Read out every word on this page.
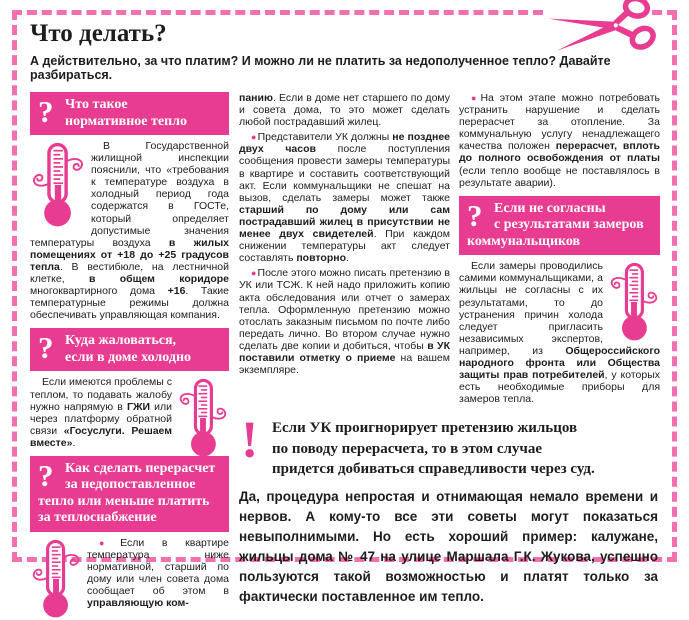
Что делать?

А действительно, за что платим? И можно ли не платить за недополученное тепло? Давайте разбираться.

? Что такое
нормативное тепло

В Государственной жилищной инспекции пояснили, что «требования к температуре воздуха в холодный период года содержатся в ГОСТе, который определяет допустимые значения температуры воздуха в жилых помещениях от +18 до +25 градусов тепла. В вестибюле, на лестничной клетке, в общем коридоре многоквартирного дома +16. Такие температурные режимы должна обеспечивать управляющая компания.

? Куда жаловаться,
если в доме холодно

Если имеются проблемы с теплом, то подавать жалобу нужно напрямую в ГЖИ или через платформу обратной связи «Госуслуги. Решаем вместе».

? Как сделать перерасчет
за недопоставленное
тепло или меньше платить
за теплоснабжение

●Если в квартире температура ниже нормативной, старший по дому или член совета дома сообщает об этом в управляющую ком-

панию. Если в доме нет старшего по дому и совета дома, то это может сделать любой пострадавший жилец.

●Представители УК должны не позднее двух часов после поступления сообщения провести замеры температуры в квартире и составить соответствующий акт. Если коммунальщики не спешат на вызов, сделать замеры может также старший по дому или сам пострадавший жилец в присутствии не менее двух свидетелей. При каждом снижении температуры акт следует составлять повторно.

●После этого можно писать претензию в УК или ТСЖ. К ней надо приложить копию акта обследования или отчет о замерах тепла. Оформленную претензию можно отослать заказным письмом по почте либо передать лично. Во втором случае нужно сделать две копии и добиться, чтобы в УК поставили отметку о приеме на вашем экземпляре.

●На этом этапе можно потребовать устранить нарушение и сделать перерасчет за отопление. За коммунальную услугу ненадлежащего качества положен перерасчет, вплоть до полного освобождения от платы (если тепло вообще не поставлялось в результате аварии).

? Если не согласны
с результатами замеров
коммунальщиков

Если замеры проводились самими коммунальщиками, а жильцы не согласны с их результатами, то до устранения причин холода следует пригласить независимых экспертов, например, из Общероссийского народного фронта или Общества защиты прав потребителей, у которых есть необходимые приборы для замеров тепла.

! Если УК проигнорирует претензию жильцов
по поводу перерасчета, то в этом случае
придется добиваться справедливости через суд.

Да, процедура непростая и отнимающая немало времени и нервов. А кому-то все эти советы могут показаться невыполнимыми. Но есть хороший пример: калужане, жильцы дома № 47 на улице Маршала Г.К. Жукова, успешно пользуются такой возможностью и платят только за фактически поставленное им тепло.
